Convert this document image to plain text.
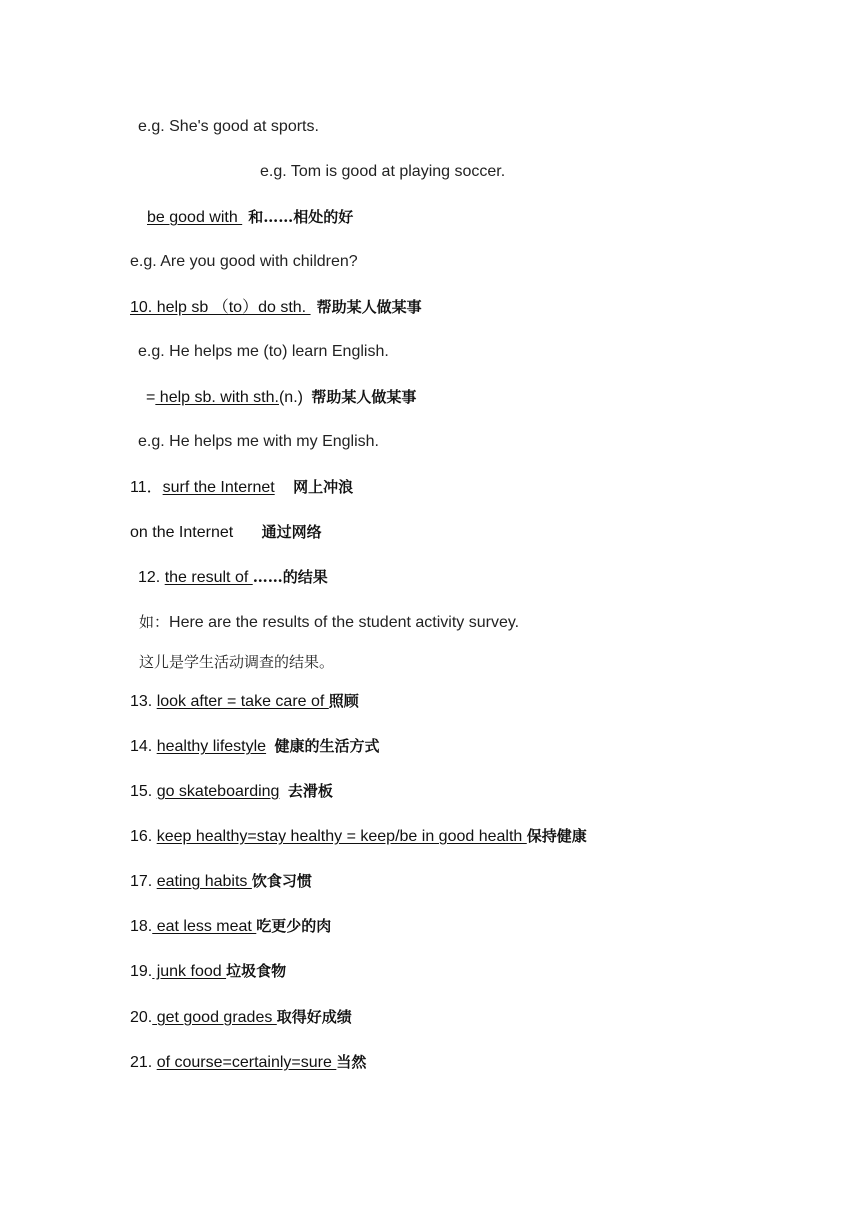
e.g. She's good at sports.
e.g. Tom is good at playing soccer.
be good with 和……相处的好
e.g. Are you good with children?
10. help sb （to）do sth. 帮助某人做某事
e.g. He helps me (to) learn English.
= help sb. with sth.(n.) 帮助某人做某事
e.g. He helps me with my English.
11．surf the Internet 网上冲浪
on the Internet 通过网络
12. the result of ……的结果
如：Here are the results of the student activity survey.
这儿是学生活动调查的结果。
13. look after = take care of 照顾
14. healthy lifestyle 健康的生活方式
15. go skateboarding 去滑板
16. keep healthy=stay healthy = keep/be in good health 保持健康
17. eating habits 饮食习惯
18. eat less meat 吃更少的肉
19. junk food 垃圾食物
20. get good grades 取得好成绩
21. of course=certainly=sure 当然
